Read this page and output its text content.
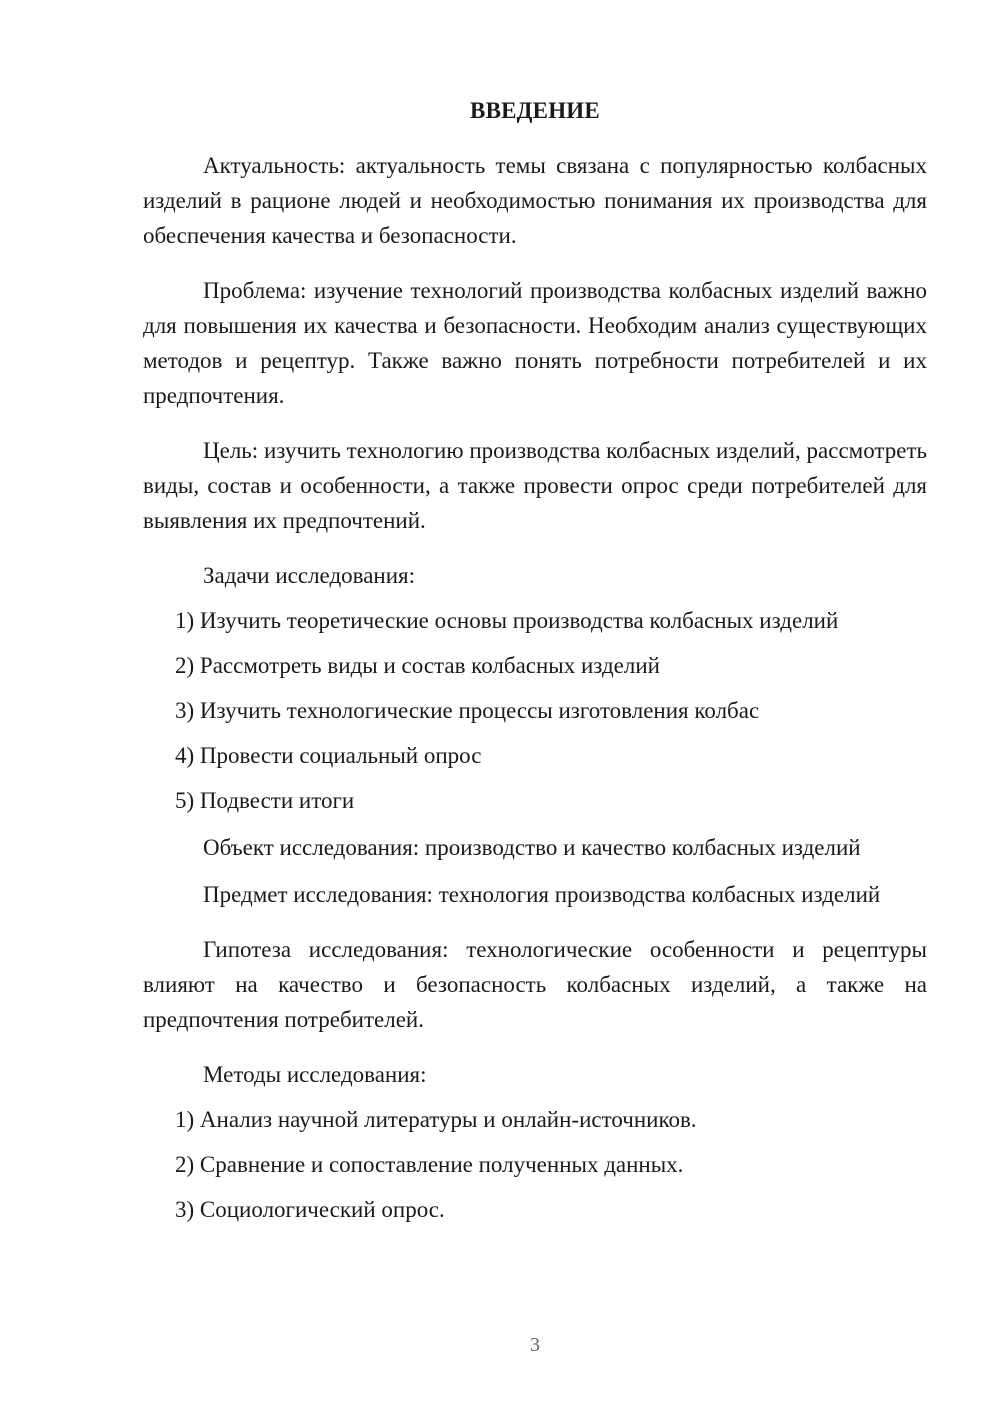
ВВЕДЕНИЕ

Актуальность: актуальность темы связана с популярностью колбасных изделий в рационе людей и необходимостью понимания их производства для обеспечения качества и безопасности.

Проблема: изучение технологий производства колбасных изделий важно для повышения их качества и безопасности. Необходим анализ существующих методов и рецептур. Также важно понять потребности потребителей и их предпочтения.

Цель: изучить технологию производства колбасных изделий, рассмотреть виды, состав и особенности, а также провести опрос среди потребителей для выявления их предпочтений.

Задачи исследования:

1) Изучить теоретические основы производства колбасных изделий
2) Рассмотреть виды и состав колбасных изделий
3) Изучить технологические процессы изготовления колбас
4) Провести социальный опрос
5) Подвести итоги

Объект исследования: производство и качество колбасных изделий

Предмет исследования: технология производства колбасных изделий

Гипотеза исследования: технологические особенности и рецептуры влияют на качество и безопасность колбасных изделий, а также на предпочтения потребителей.

Методы исследования:

1) Анализ научной литературы и онлайн-источников.
2) Сравнение и сопоставление полученных данных.
3) Социологический опрос.
3
